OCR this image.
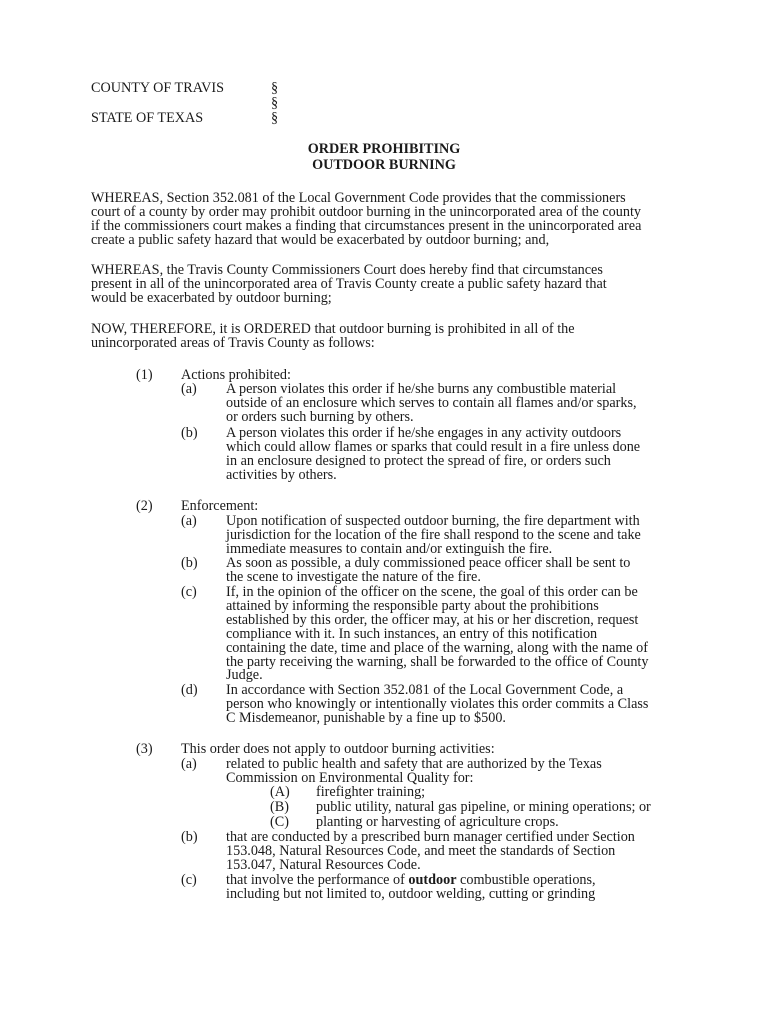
COUNTY OF TRAVIS	§
§
STATE OF TEXAS	§
ORDER PROHIBITING
OUTDOOR BURNING
WHEREAS, Section 352.081 of the Local Government Code provides that the commissioners
court of a county by order may prohibit outdoor burning in the unincorporated area of the county
if the commissioners court makes a finding that circumstances present in the unincorporated area
create a public safety hazard that would be exacerbated by outdoor burning; and,
WHEREAS, the Travis County Commissioners Court does hereby find that circumstances
present in all of the unincorporated area of Travis County create a public safety hazard that
would be exacerbated by outdoor burning;
NOW, THEREFORE, it is ORDERED that outdoor burning is prohibited in all of the
unincorporated areas of Travis County as follows:
(1) Actions prohibited:
(a) A person violates this order if he/she burns any combustible material
outside of an enclosure which serves to contain all flames and/or sparks,
or orders such burning by others.
(b) A person violates this order if he/she engages in any activity outdoors
which could allow flames or sparks that could result in a fire unless done
in an enclosure designed to protect the spread of fire, or orders such
activities by others.
(2) Enforcement:
(a) Upon notification of suspected outdoor burning, the fire department with
jurisdiction for the location of the fire shall respond to the scene and take
immediate measures to contain and/or extinguish the fire.
(b) As soon as possible, a duly commissioned peace officer shall be sent to
the scene to investigate the nature of the fire.
(c) If, in the opinion of the officer on the scene, the goal of this order can be
attained by informing the responsible party about the prohibitions
established by this order, the officer may, at his or her discretion, request
compliance with it. In such instances, an entry of this notification
containing the date, time and place of the warning, along with the name of
the party receiving the warning, shall be forwarded to the office of County
Judge.
(d) In accordance with Section 352.081 of the Local Government Code, a
person who knowingly or intentionally violates this order commits a Class
C Misdemeanor, punishable by a fine up to $500.
(3) This order does not apply to outdoor burning activities:
(a) related to public health and safety that are authorized by the Texas
Commission on Environmental Quality for:
(A) firefighter training;
(B) public utility, natural gas pipeline, or mining operations; or
(C) planting or harvesting of agriculture crops.
(b) that are conducted by a prescribed burn manager certified under Section
153.048, Natural Resources Code, and meet the standards of Section
153.047, Natural Resources Code.
(c) that involve the performance of outdoor combustible operations,
including but not limited to, outdoor welding, cutting or grinding
